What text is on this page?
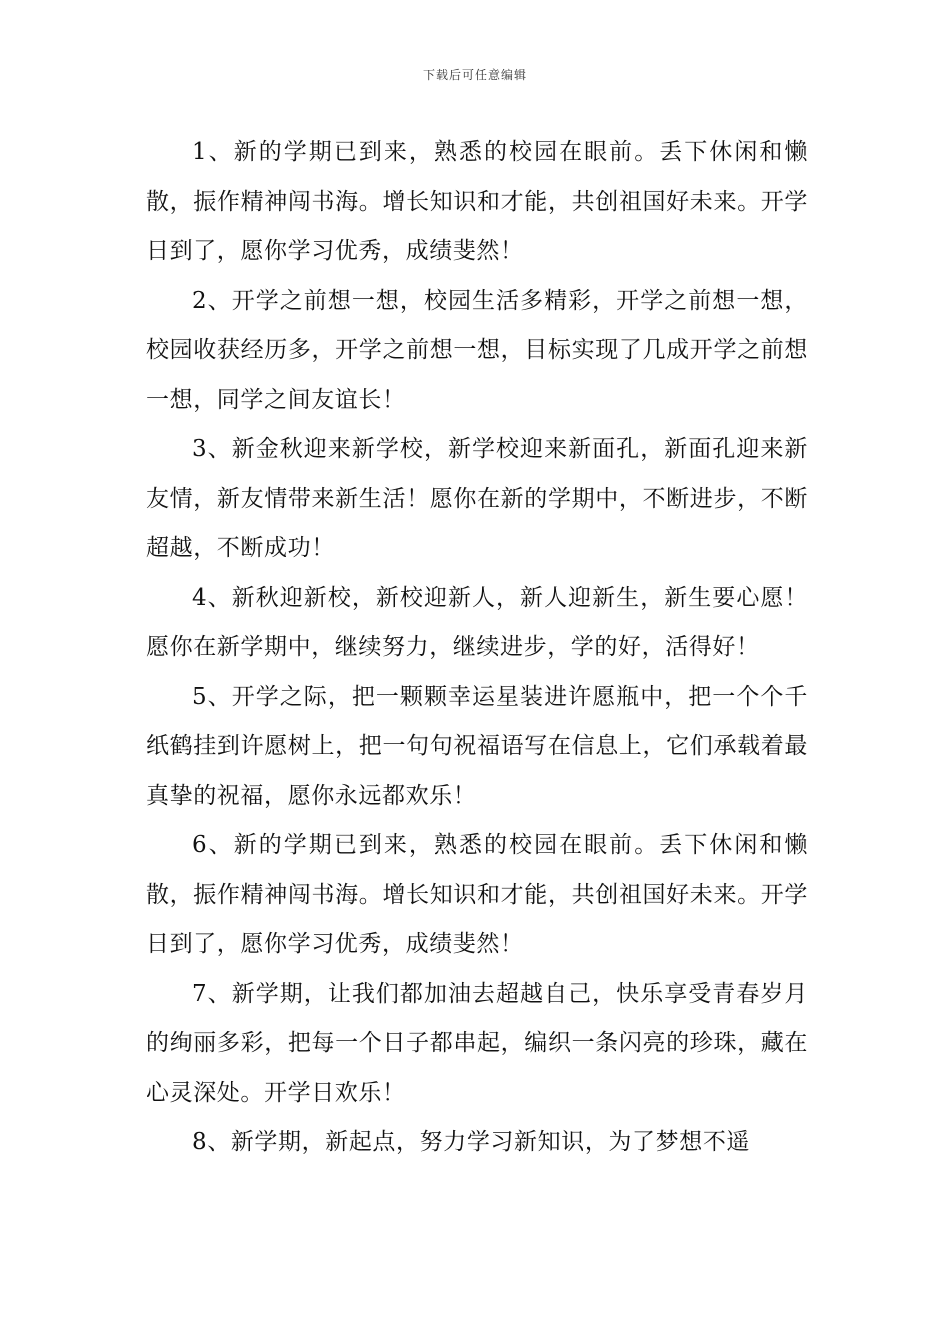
下载后可任意编辑

1、新的学期已到来，熟悉的校园在眼前。丢下休闲和懒散，振作精神闯书海。增长知识和才能，共创祖国好未来。开学日到了，愿你学习优秀，成绩斐然！

2、开学之前想一想，校园生活多精彩，开学之前想一想，校园收获经历多，开学之前想一想，目标实现了几成开学之前想一想，同学之间友谊长！

3、新金秋迎来新学校，新学校迎来新面孔，新面孔迎来新友情，新友情带来新生活！愿你在新的学期中，不断进步，不断超越，不断成功！

4、新秋迎新校，新校迎新人，新人迎新生，新生要心愿！愿你在新学期中，继续努力，继续进步，学的好，活得好！

5、开学之际，把一颗颗幸运星装进许愿瓶中，把一个个千纸鹤挂到许愿树上，把一句句祝福语写在信息上，它们承载着最真挚的祝福，愿你永远都欢乐！

6、新的学期已到来，熟悉的校园在眼前。丢下休闲和懒散，振作精神闯书海。增长知识和才能，共创祖国好未来。开学日到了，愿你学习优秀，成绩斐然！

7、新学期，让我们都加油去超越自己，快乐享受青春岁月的绚丽多彩，把每一个日子都串起，编织一条闪亮的珍珠，藏在心灵深处。开学日欢乐！

8、新学期，新起点，努力学习新知识，为了梦想不遥
